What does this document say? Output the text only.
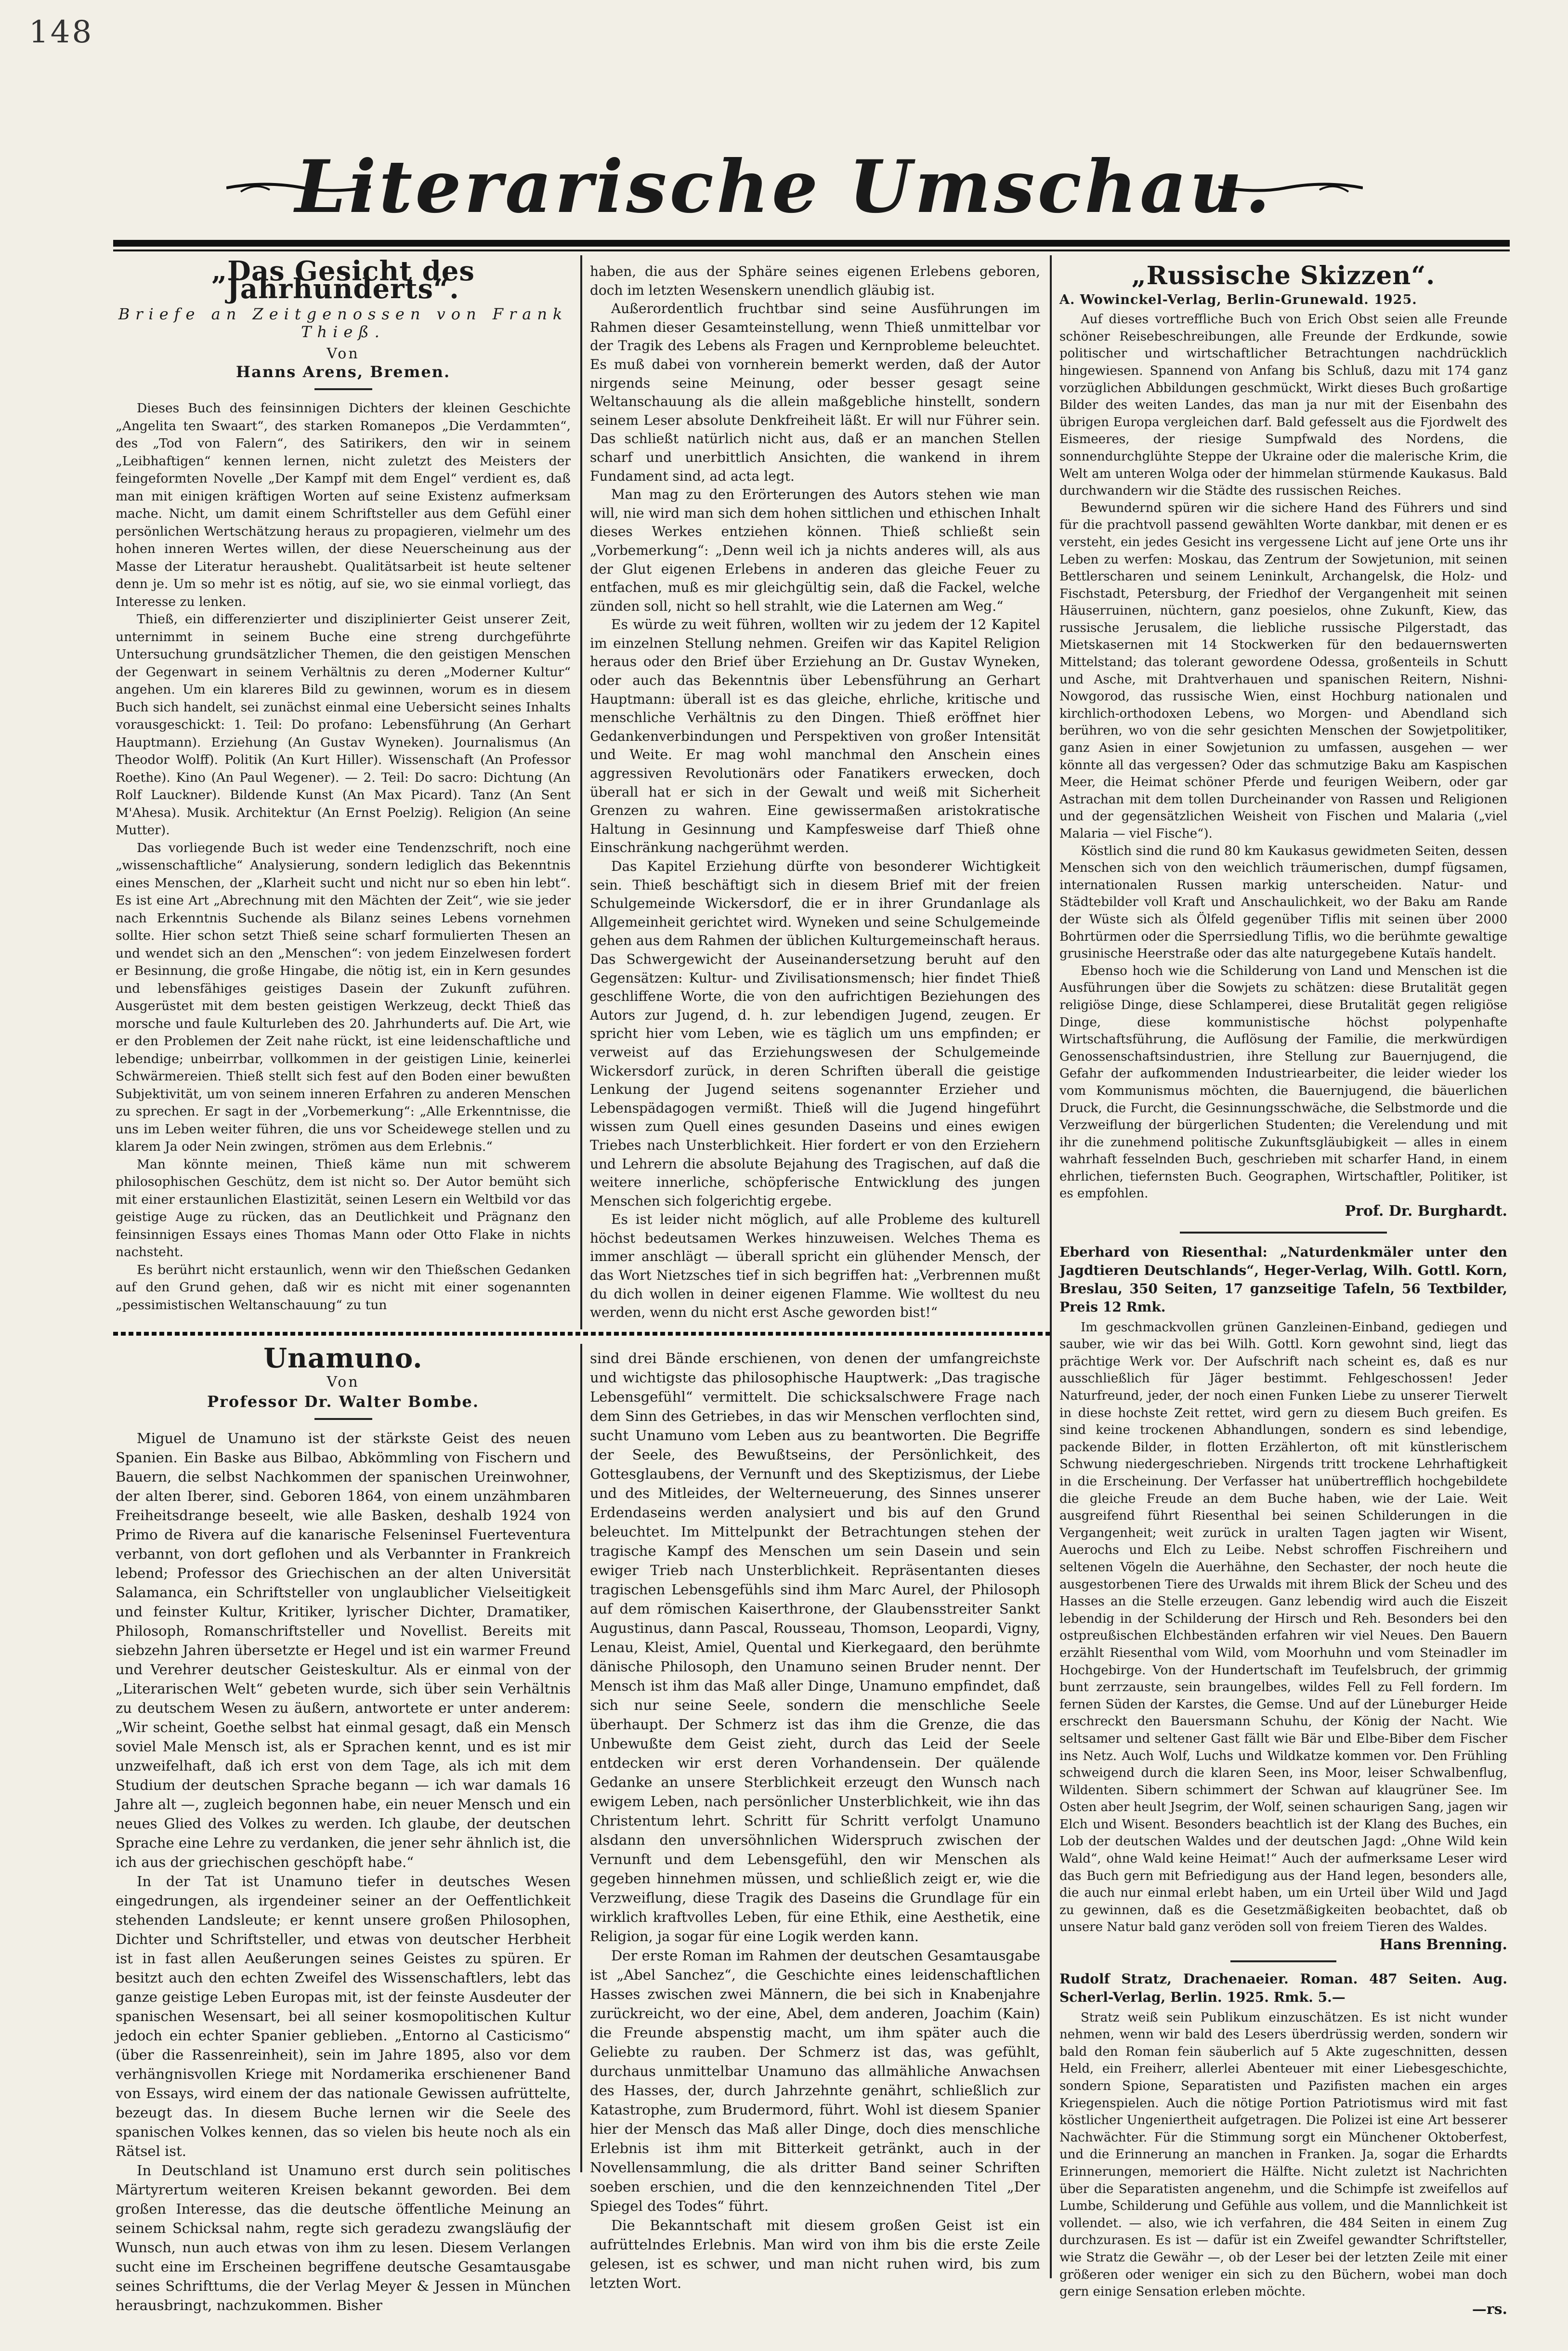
148
Literarische Umschau.
„Das Gesicht des Jahrhunderts“.
Briefe an Zeitgenossen von Frank Thieß.
Von
Hanns Arens, Bremen.

Dieses Buch des feinsinnigen Dichters der kleinen Geschichte „Angelita ten Swaart“, des starken Romanepos „Die Verdammten“, des „Tod von Falern“, des Satirikers, den wir in seinem „Leibhaftigen“ kennen lernen, nicht zuletzt des Meisters der feingeformten Novelle „Der Kampf mit dem Engel“ verdient es, daß man mit einigen kräftigen Worten auf seine Existenz aufmerksam mache. Nicht, um damit einem Schriftsteller aus dem Gefühl einer persönlichen Wertschätzung heraus zu propagieren, vielmehr um des hohen inneren Wertes willen, der diese Neuerscheinung aus der Masse der Literatur heraushebt. Qualitätsarbeit ist heute seltener denn je. Um so mehr ist es nötig, auf sie, wo sie einmal vorliegt, das Interesse zu lenken.

Thieß, ein differenzierter und disziplinierter Geist unserer Zeit, unternimmt in seinem Buche eine streng durchgeführte Untersuchung grundsätzlicher Themen, die den geistigen Menschen der Gegenwart in seinem Verhältnis zu deren „Moderner Kultur“ angehen. Um ein klareres Bild zu gewinnen, worum es in diesem Buch sich handelt, sei zunächst einmal eine Uebersicht seines Inhalts vorausgeschickt: 1. Teil: Do profano: Lebensführung (An Gerhart Hauptmann). Erziehung (An Gustav Wyneken). Journalismus (An Theodor Wolff). Politik (An Kurt Hiller). Wissenschaft (An Professor Roethe). Kino (An Paul Wegener). — 2. Teil: Do sacro: Dichtung (An Rolf Lauckner). Bildende Kunst (An Max Picard). Tanz (An Sent M'Ahesa). Musik. Architektur (An Ernst Poelzig). Religion (An seine Mutter).

Das vorliegende Buch ist weder eine Tendenzschrift, noch eine „wissenschaftliche“ Analysierung, sondern lediglich das Bekenntnis eines Menschen, der „Klarheit sucht und nicht nur so eben hin lebt“. Es ist eine Art „Abrechnung mit den Mächten der Zeit“, wie sie jeder nach Erkenntnis Suchende als Bilanz seines Lebens vornehmen sollte. Hier schon setzt Thieß seine scharf formulierten Thesen an und wendet sich an den „Menschen“: von jedem Einzelwesen fordert er Besinnung, die große Hingabe, die nötig ist, ein in Kern gesundes und lebensfähiges geistiges Dasein der Zukunft zuführen. Ausgerüstet mit dem besten geistigen Werkzeug, deckt Thieß das morsche und faule Kulturleben des 20. Jahrhunderts auf. Die Art, wie er den Problemen der Zeit nahe rückt, ist eine leidenschaftliche und lebendige; unbeirrbar, vollkommen in der geistigen Linie, keinerlei Schwärmereien. Thieß stellt sich fest auf den Boden einer bewußten Subjektivität, um von seinem inneren Erfahren zu anderen Menschen zu sprechen. Er sagt in der „Vorbemerkung“: „Alle Erkenntnisse, die uns im Leben weiter führen, die uns vor Scheidewege stellen und zu klarem Ja oder Nein zwingen, strömen aus dem Erlebnis.“

Man könnte meinen, Thieß käme nun mit schwerem philosophischen Geschütz, dem ist nicht so. Der Autor bemüht sich mit einer erstaunlichen Elastizität, seinen Lesern ein Weltbild vor das geistige Auge zu rücken, das an Deutlichkeit und Prägnanz den feinsinnigen Essays eines Thomas Mann oder Otto Flake in nichts nachsteht.

Es berührt nicht erstaunlich, wenn wir den Thießschen Gedanken auf den Grund gehen, daß wir es nicht mit einer sogenannten „pessimistischen Weltanschauung“ zu tun

haben, die aus der Sphäre seines eigenen Erlebens geboren, doch im letzten Wesenskern unendlich gläubig ist.

Außerordentlich fruchtbar sind seine Ausführungen im Rahmen dieser Gesamteinstellung, wenn Thieß unmittelbar vor der Tragik des Lebens als Fragen und Kernprobleme beleuchtet. Es muß dabei von vornherein bemerkt werden, daß der Autor nirgends seine Meinung, oder besser gesagt seine Weltanschauung als die allein maßgebliche hinstellt, sondern seinem Leser absolute Denkfreiheit läßt. Er will nur Führer sein. Das schließt natürlich nicht aus, daß er an manchen Stellen scharf und unerbittlich Ansichten, die wankend in ihrem Fundament sind, ad acta legt.

Man mag zu den Erörterungen des Autors stehen wie man will, nie wird man sich dem hohen sittlichen und ethischen Inhalt dieses Werkes entziehen können. Thieß schließt sein „Vorbemerkung“: „Denn weil ich ja nichts anderes will, als aus der Glut eigenen Erlebens in anderen das gleiche Feuer zu entfachen, muß es mir gleichgültig sein, daß die Fackel, welche zünden soll, nicht so hell strahlt, wie die Laternen am Weg.“

Es würde zu weit führen, wollten wir zu jedem der 12 Kapitel im einzelnen Stellung nehmen. Greifen wir das Kapitel Religion heraus oder den Brief über Erziehung an Dr. Gustav Wyneken, oder auch das Bekenntnis über Lebensführung an Gerhart Hauptmann: überall ist es das gleiche, ehrliche, kritische und menschliche Verhältnis zu den Dingen. Thieß eröffnet hier Gedankenverbindungen und Perspektiven von großer Intensität und Weite. Er mag wohl manchmal den Anschein eines aggressiven Revolutionärs oder Fanatikers erwecken, doch überall hat er sich in der Gewalt und weiß mit Sicherheit Grenzen zu wahren. Eine gewissermaßen aristokratische Haltung in Gesinnung und Kampfesweise darf Thieß ohne Einschränkung nachgerühmt werden.

Das Kapitel Erziehung dürfte von besonderer Wichtigkeit sein. Thieß beschäftigt sich in diesem Brief mit der freien Schulgemeinde Wickersdorf, die er in ihrer Grundanlage als Allgemeinheit gerichtet wird. Wyneken und seine Schulgemeinde gehen aus dem Rahmen der üblichen Kulturgemeinschaft heraus. Das Schwergewicht der Auseinandersetzung beruht auf den Gegensätzen: Kultur- und Zivilisationsmensch; hier findet Thieß geschliffene Worte, die von den aufrichtigen Beziehungen des Autors zur Jugend, d. h. zur lebendigen Jugend, zeugen. Er spricht hier vom Leben, wie es täglich um uns empfinden; er verweist auf das Erziehungswesen der Schulgemeinde Wickersdorf zurück, in deren Schriften überall die geistige Lenkung der Jugend seitens sogenannter Erzieher und Lebenspädagogen vermißt. Thieß will die Jugend hingeführt wissen zum Quell eines gesunden Daseins und eines ewigen Triebes nach Unsterblichkeit. Hier fordert er von den Erziehern und Lehrern die absolute Bejahung des Tragischen, auf daß die weitere innerliche, schöpferische Entwicklung des jungen Menschen sich folgerichtig ergebe.

Es ist leider nicht möglich, auf alle Probleme des kulturell höchst bedeutsamen Werkes hinzuweisen. Welches Thema es immer anschlägt — überall spricht ein glühender Mensch, der das Wort Nietzsches tief in sich begriffen hat: „Verbrennen mußt du dich wollen in deiner eigenen Flamme. Wie wolltest du neu werden, wenn du nicht erst Asche geworden bist!“

Unamuno.
Von
Professor Dr. Walter Bombe.

Miguel de Unamuno ist der stärkste Geist des neuen Spanien. Ein Baske aus Bilbao, Abkömmling von Fischern und Bauern, die selbst Nachkommen der spanischen Ureinwohner, der alten Iberer, sind. Geboren 1864, von einem unzähmbaren Freiheitsdrange beseelt, wie alle Basken, deshalb 1924 von Primo de Rivera auf die kanarische Felseninsel Fuerteventura verbannt, von dort geflohen und als Verbannter in Frankreich lebend; Professor des Griechischen an der alten Universität Salamanca, ein Schriftsteller von unglaublicher Vielseitigkeit und feinster Kultur, Kritiker, lyrischer Dichter, Dramatiker, Philosoph, Romanschriftsteller und Novellist. Bereits mit siebzehn Jahren übersetzte er Hegel und ist ein warmer Freund und Verehrer deutscher Geisteskultur. Als er einmal von der „Literarischen Welt“ gebeten wurde, sich über sein Verhältnis zu deutschem Wesen zu äußern, antwortete er unter anderem: „Wir scheint, Goethe selbst hat einmal gesagt, daß ein Mensch soviel Male Mensch ist, als er Sprachen kennt, und es ist mir unzweifelhaft, daß ich erst von dem Tage, als ich mit dem Studium der deutschen Sprache begann — ich war damals 16 Jahre alt —, zugleich begonnen habe, ein neuer Mensch und ein neues Glied des Volkes zu werden. Ich glaube, der deutschen Sprache eine Lehre zu verdanken, die jener sehr ähnlich ist, die ich aus der griechischen geschöpft habe.“

In der Tat ist Unamuno tiefer in deutsches Wesen eingedrungen, als irgendeiner seiner an der Oeffentlichkeit stehenden Landsleute; er kennt unsere großen Philosophen, Dichter und Schriftsteller, und etwas von deutscher Herbheit ist in fast allen Aeußerungen seines Geistes zu spüren. Er besitzt auch den echten Zweifel des Wissenschaftlers, lebt das ganze geistige Leben Europas mit, ist der feinste Ausdeuter der spanischen Wesensart, bei all seiner kosmopolitischen Kultur jedoch ein echter Spanier geblieben. „Entorno al Casticismo“ (über die Rassenreinheit), sein im Jahre 1895, also vor dem verhängnisvollen Kriege mit Nordamerika erschienener Band von Essays, wird einem der das nationale Gewissen aufrüttelte, bezeugt das. In diesem Buche lernen wir die Seele des spanischen Volkes kennen, das so vielen bis heute noch als ein Rätsel ist.

In Deutschland ist Unamuno erst durch sein politisches Märtyrertum weiteren Kreisen bekannt geworden. Bei dem großen Interesse, das die deutsche öffentliche Meinung an seinem Schicksal nahm, regte sich geradezu zwangsläufig der Wunsch, nun auch etwas von ihm zu lesen. Diesem Verlangen sucht eine im Erscheinen begriffene deutsche Gesamtausgabe seines Schrifttums, die der Verlag Meyer & Jessen in München herausbringt, nachzukommen. Bisher

sind drei Bände erschienen, von denen der umfangreichste und wichtigste das philosophische Hauptwerk: „Das tragische Lebensgefühl“ vermittelt. Die schicksalschwere Frage nach dem Sinn des Getriebes, in das wir Menschen verflochten sind, sucht Unamuno vom Leben aus zu beantworten. Die Begriffe der Seele, des Bewußtseins, der Persönlichkeit, des Gottesglaubens, der Vernunft und des Skeptizismus, der Liebe und des Mitleides, der Welterneuerung, des Sinnes unserer Erdendaseins werden analysiert und bis auf den Grund beleuchtet. Im Mittelpunkt der Betrachtungen stehen der tragische Kampf des Menschen um sein Dasein und sein ewiger Trieb nach Unsterblichkeit. Repräsentanten dieses tragischen Lebensgefühls sind ihm Marc Aurel, der Philosoph auf dem römischen Kaiserthrone, der Glaubensstreiter Sankt Augustinus, dann Pascal, Rousseau, Thomson, Leopardi, Vigny, Lenau, Kleist, Amiel, Quental und Kierkegaard, den berühmte dänische Philosoph, den Unamuno seinen Bruder nennt. Der Mensch ist ihm das Maß aller Dinge, Unamuno empfindet, daß sich nur seine Seele, sondern die menschliche Seele überhaupt. Der Schmerz ist das ihm die Grenze, die das Unbewußte dem Geist zieht, durch das Leid der Seele entdecken wir erst deren Vorhandensein. Der quälende Gedanke an unsere Sterblichkeit erzeugt den Wunsch nach ewigem Leben, nach persönlicher Unsterblichkeit, wie ihn das Christentum lehrt. Schritt für Schritt verfolgt Unamuno alsdann den unversöhnlichen Widerspruch zwischen der Vernunft und dem Lebensgefühl, den wir Menschen als gegeben hinnehmen müssen, und schließlich zeigt er, wie die Verzweiflung, diese Tragik des Daseins die Grundlage für ein wirklich kraftvolles Leben, für eine Ethik, eine Aesthetik, eine Religion, ja sogar für eine Logik werden kann.

Der erste Roman im Rahmen der deutschen Gesamtausgabe ist „Abel Sanchez“, die Geschichte eines leidenschaftlichen Hasses zwischen zwei Männern, die bei sich in Knabenjahre zurückreicht, wo der eine, Abel, dem anderen, Joachim (Kain) die Freunde abspenstig macht, um ihm später auch die Geliebte zu rauben. Der Schmerz ist das, was gefühlt, durchaus unmittelbar Unamuno das allmähliche Anwachsen des Hasses, der, durch Jahrzehnte genährt, schließlich zur Katastrophe, zum Brudermord, führt. Wohl ist diesem Spanier hier der Mensch das Maß aller Dinge, doch dies menschliche Erlebnis ist ihm mit Bitterkeit getränkt, auch in der Novellensammlung, die als dritter Band seiner Schriften soeben erschien, und die den kennzeichnenden Titel „Der Spiegel des Todes“ führt.

Die Bekanntschaft mit diesem großen Geist ist ein aufrüttelndes Erlebnis. Man wird von ihm bis die erste Zeile gelesen, ist es schwer, und man nicht ruhen wird, bis zum letzten Wort.

„Russische Skizzen“.
A. Wowinckel-Verlag, Berlin-Grunewald. 1925.

Auf dieses vortreffliche Buch von Erich Obst seien alle Freunde schöner Reisebeschreibungen, alle Freunde der Erdkunde, sowie politischer und wirtschaftlicher Betrachtungen nachdrücklich hingewiesen. Spannend von Anfang bis Schluß, dazu mit 174 ganz vorzüglichen Abbildungen geschmückt, Wirkt dieses Buch großartige Bilder des weiten Landes, das man ja nur mit der Eisenbahn des übrigen Europa vergleichen darf. Bald gefesselt aus die Fjordwelt des Eismeeres, der riesige Sumpfwald des Nordens, die sonnendurchglühte Steppe der Ukraine oder die malerische Krim, die Welt am unteren Wolga oder der himmelan stürmende Kaukasus. Bald durchwandern wir die Städte des russischen Reiches.

Bewundernd spüren wir die sichere Hand des Führers und sind für die prachtvoll passend gewählten Worte dankbar, mit denen er es versteht, ein jedes Gesicht ins vergessene Licht auf jene Orte uns ihr Leben zu werfen: Moskau, das Zentrum der Sowjetunion, mit seinen Bettlerscharen und seinem Leninkult, Archangelsk, die Holz- und Fischstadt, Petersburg, der Friedhof der Vergangenheit mit seinen Häuserruinen, nüchtern, ganz poesielos, ohne Zukunft, Kiew, das russische Jerusalem, die liebliche russische Pilgerstadt, das Mietskasernen mit 14 Stockwerken für den bedauernswerten Mittelstand; das tolerant gewordene Odessa, großenteils in Schutt und Asche, mit Drahtverhauen und spanischen Reitern, Nishni-Nowgorod, das russische Wien, einst Hochburg nationalen und kirchlich-orthodoxen Lebens, wo Morgen- und Abendland sich berühren, wo von die sehr gesichten Menschen der Sowjetpolitiker, ganz Asien in einer Sowjetunion zu umfassen, ausgehen — wer könnte all das vergessen? Oder das schmutzige Baku am Kaspischen Meer, die Heimat schöner Pferde und feurigen Weibern, oder gar Astrachan mit dem tollen Durcheinander von Rassen und Religionen und der gegensätzlichen Weisheit von Fischen und Malaria („viel Malaria — viel Fische“).

Köstlich sind die rund 80 km Kaukasus gewidmeten Seiten, dessen Menschen sich von den weichlich träumerischen, dumpf fügsamen, internationalen Russen markig unterscheiden. Natur- und Städtebilder voll Kraft und Anschaulichkeit, wo der Baku am Rande der Wüste sich als Ölfeld gegenüber Tiflis mit seinen über 2000 Bohrtürmen oder die Sperrsiedlung Tiflis, wo die berühmte gewaltige grusinische Heerstraße oder das alte naturgegebene Kutaïs handelt.

Ebenso hoch wie die Schilderung von Land und Menschen ist die Ausführungen über die Sowjets zu schätzen: diese Brutalität gegen religiöse Dinge, diese Schlamperei, diese Brutalität gegen religiöse Dinge, diese kommunistische höchst polypenhafte Wirtschaftsführung, die Auflösung der Familie, die merkwürdigen Genossenschaftsindustrien, ihre Stellung zur Bauernjugend, die Gefahr der aufkommenden Industriearbeiter, die leider wieder los vom Kommunismus möchten, die Bauernjugend, die bäuerlichen Druck, die Furcht, die Gesinnungsschwäche, die Selbstmorde und die Verzweiflung der bürgerlichen Studenten; die Verelendung und mit ihr die zunehmend politische Zukunftsgläubigkeit — alles in einem wahrhaft fesselnden Buch, geschrieben mit scharfer Hand, in einem ehrlichen, tiefernsten Buch. Geographen, Wirtschaftler, Politiker, ist es empfohlen.

Prof. Dr. Burghardt.
Eberhard von Riesenthal: „Naturdenkmäler unter den Jagdtieren Deutschlands“, Heger-Verlag, Wilh. Gottl. Korn, Breslau, 350 Seiten, 17 ganzseitige Tafeln, 56 Textbilder, Preis 12 Rmk.

Im geschmackvollen grünen Ganzleinen-Einband, gediegen und sauber, wie wir das bei Wilh. Gottl. Korn gewohnt sind, liegt das prächtige Werk vor. Der Aufschrift nach scheint es, daß es nur ausschließlich für Jäger bestimmt. Fehlgeschossen! Jeder Naturfreund, jeder, der noch einen Funken Liebe zu unserer Tierwelt in diese hochste Zeit rettet, wird gern zu diesem Buch greifen. Es sind keine trockenen Abhandlungen, sondern es sind lebendige, packende Bilder, in flotten Erzählerton, oft mit künstlerischem Schwung niedergeschrieben. Nirgends tritt trockene Lehrhaftigkeit in die Erscheinung. Der Verfasser hat unübertrefflich hochgebildete die gleiche Freude an dem Buche haben, wie der Laie. Weit ausgreifend führt Riesenthal bei seinen Schilderungen in die Vergangenheit; weit zurück in uralten Tagen jagten wir Wisent, Auerochs und Elch zu Leibe. Nebst schroffen Fischreihern und seltenen Vögeln die Auerhähne, den Sechaster, der noch heute die ausgestorbenen Tiere des Urwalds mit ihrem Blick der Scheu und des Hasses an die Stelle erzeugen. Ganz lebendig wird auch die Eiszeit lebendig in der Schilderung der Hirsch und Reh. Besonders bei den ostpreußischen Elchbeständen erfahren wir viel Neues. Den Bauern erzählt Riesenthal vom Wild, vom Moorhuhn und vom Steinadler im Hochgebirge. Von der Hundertschaft im Teufelsbruch, der grimmig bunt zerrzauste, sein braungelbes, wildes Fell zu Fell fordern. Im fernen Süden der Karstes, die Gemse. Und auf der Lüneburger Heide erschreckt den Bauersmann Schuhu, der König der Nacht. Wie seltsamer und seltener Gast fällt wie Bär und Elbe-Biber dem Fischer ins Netz. Auch Wolf, Luchs und Wildkatze kommen vor. Den Frühling schweigend durch die klaren Seen, ins Moor, leiser Schwalbenflug, Wildenten. Sibern schimmert der Schwan auf klaugrüner See. Im Osten aber heult Jsegrim, der Wolf, seinen schaurigen Sang, jagen wir Elch und Wisent. Besonders beachtlich ist der Klang des Buches, ein Lob der deutschen Waldes und der deutschen Jagd: „Ohne Wild kein Wald“, ohne Wald keine Heimat!“ Auch der aufmerksame Leser wird das Buch gern mit Befriedigung aus der Hand legen, besonders alle, die auch nur einmal erlebt haben, um ein Urteil über Wild und Jagd zu gewinnen, daß es die Gesetzmäßigkeiten beobachtet, daß ob unsere Natur bald ganz veröden soll von freiem Tieren des Waldes.

Hans Brenning.
Rudolf Stratz, Drachenaeier. Roman. 487 Seiten. Aug. Scherl-Verlag, Berlin. 1925. Rmk. 5.—

Stratz weiß sein Publikum einzuschätzen. Es ist nicht wunder nehmen, wenn wir bald des Lesers überdrüssig werden, sondern wir bald den Roman fein säuberlich auf 5 Akte zugeschnitten, dessen Held, ein Freiherr, allerlei Abenteuer mit einer Liebesgeschichte, sondern Spione, Separatisten und Pazifisten machen ein arges Kriegenspielen. Auch die nötige Portion Patriotismus wird mit fast köstlicher Ungeniertheit aufgetragen. Die Polizei ist eine Art besserer Nachwächter. Für die Stimmung sorgt ein Münchener Oktoberfest, und die Erinnerung an manchen in Franken. Ja, sogar die Erhardts Erinnerungen, memoriert die Hälfte. Nicht zuletzt ist Nachrichten über die Separatisten angenehm, und die Schimpfe ist zweifellos auf Lumbe, Schilderung und Gefühle aus vollem, und die Mannlichkeit ist vollendet. — also, wie ich verfahren, die 484 Seiten in einem Zug durchzurasen. Es ist — dafür ist ein Zweifel gewandter Schriftsteller, wie Stratz die Gewähr —, ob der Leser bei der letzten Zeile mit einer größeren oder weniger ein sich zu den Büchern, wobei man doch gern einige Sensation erleben möchte.

—rs.
